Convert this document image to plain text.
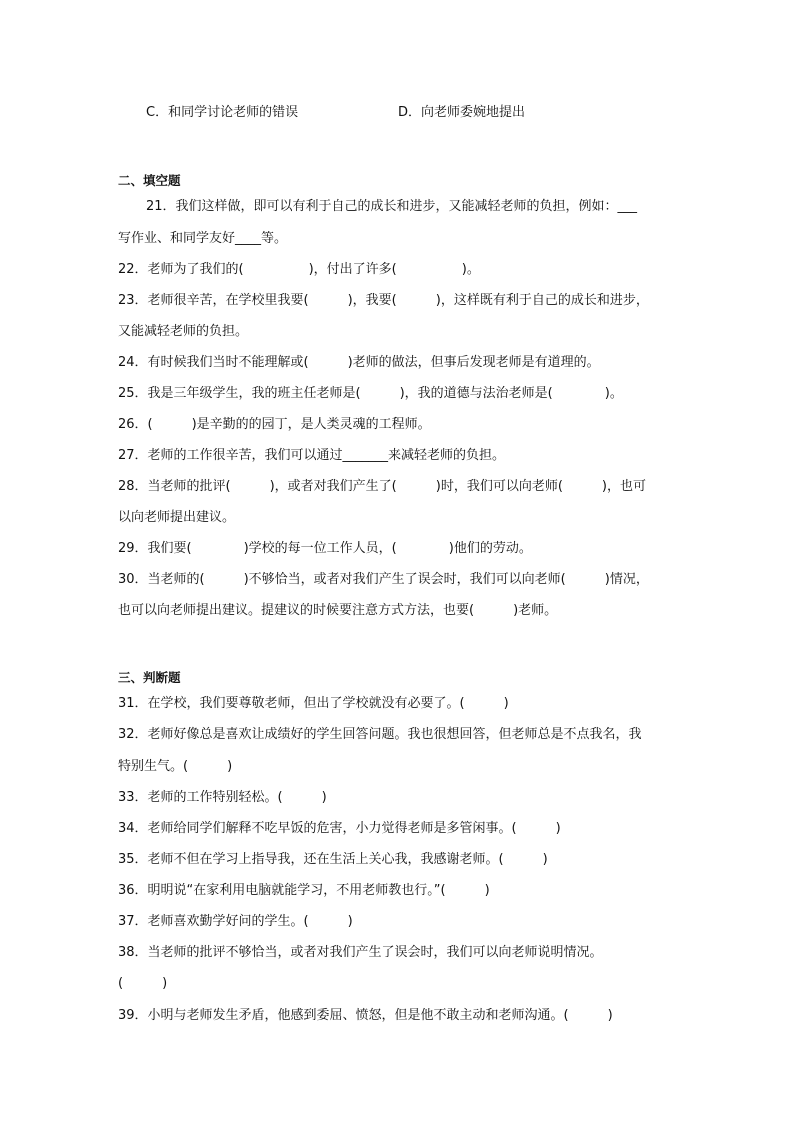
C．和同学讨论老师的错误	D．向老师委婉地提出
二、填空题
21．我们这样做，即可以有利于自己的成长和进步，又能减轻老师的负担，例如：___
写作业、和同学友好____等。
22．老师为了我们的(　　　　　)，付出了许多(　　　　　)。
23．老师很辛苦，在学校里我要(　　　)，我要(　　　)，这样既有利于自己的成长和进步，
又能减轻老师的负担。
24．有时候我们当时不能理解或(　　　)老师的做法，但事后发现老师是有道理的。
25．我是三年级学生，我的班主任老师是(　　　)，我的道德与法治老师是(　　　　)。
26．(　　　)是辛勤的的园丁，是人类灵魂的工程师。
27．老师的工作很辛苦，我们可以通过_______来减轻老师的负担。
28．当老师的批评(　　　)，或者对我们产生了(　　　)时，我们可以向老师(　　　)，也可
以向老师提出建议。
29．我们要(　　　　)学校的每一位工作人员，(　　　　)他们的劳动。
30．当老师的(　　　)不够恰当，或者对我们产生了误会时，我们可以向老师(　　　)情况，
也可以向老师提出建议。提建议的时候要注意方式方法，也要(　　　)老师。
三、判断题
31．在学校，我们要尊敬老师，但出了学校就没有必要了。(　　　)
32．老师好像总是喜欢让成绩好的学生回答问题。我也很想回答，但老师总是不点我名，我
特别生气。(　　　)
33．老师的工作特别轻松。(　　　)
34．老师给同学们解释不吃早饭的危害，小力觉得老师是多管闲事。(　　　)
35．老师不但在学习上指导我，还在生活上关心我，我感谢老师。(　　　)
36．明明说“在家利用电脑就能学习，不用老师教也行。”(　　　)
37．老师喜欢勤学好问的学生。(　　　)
38．当老师的批评不够恰当，或者对我们产生了误会时，我们可以向老师说明情况。
(　　　)
39．小明与老师发生矛盾，他感到委屈、愤怒，但是他不敢主动和老师沟通。(　　　)
